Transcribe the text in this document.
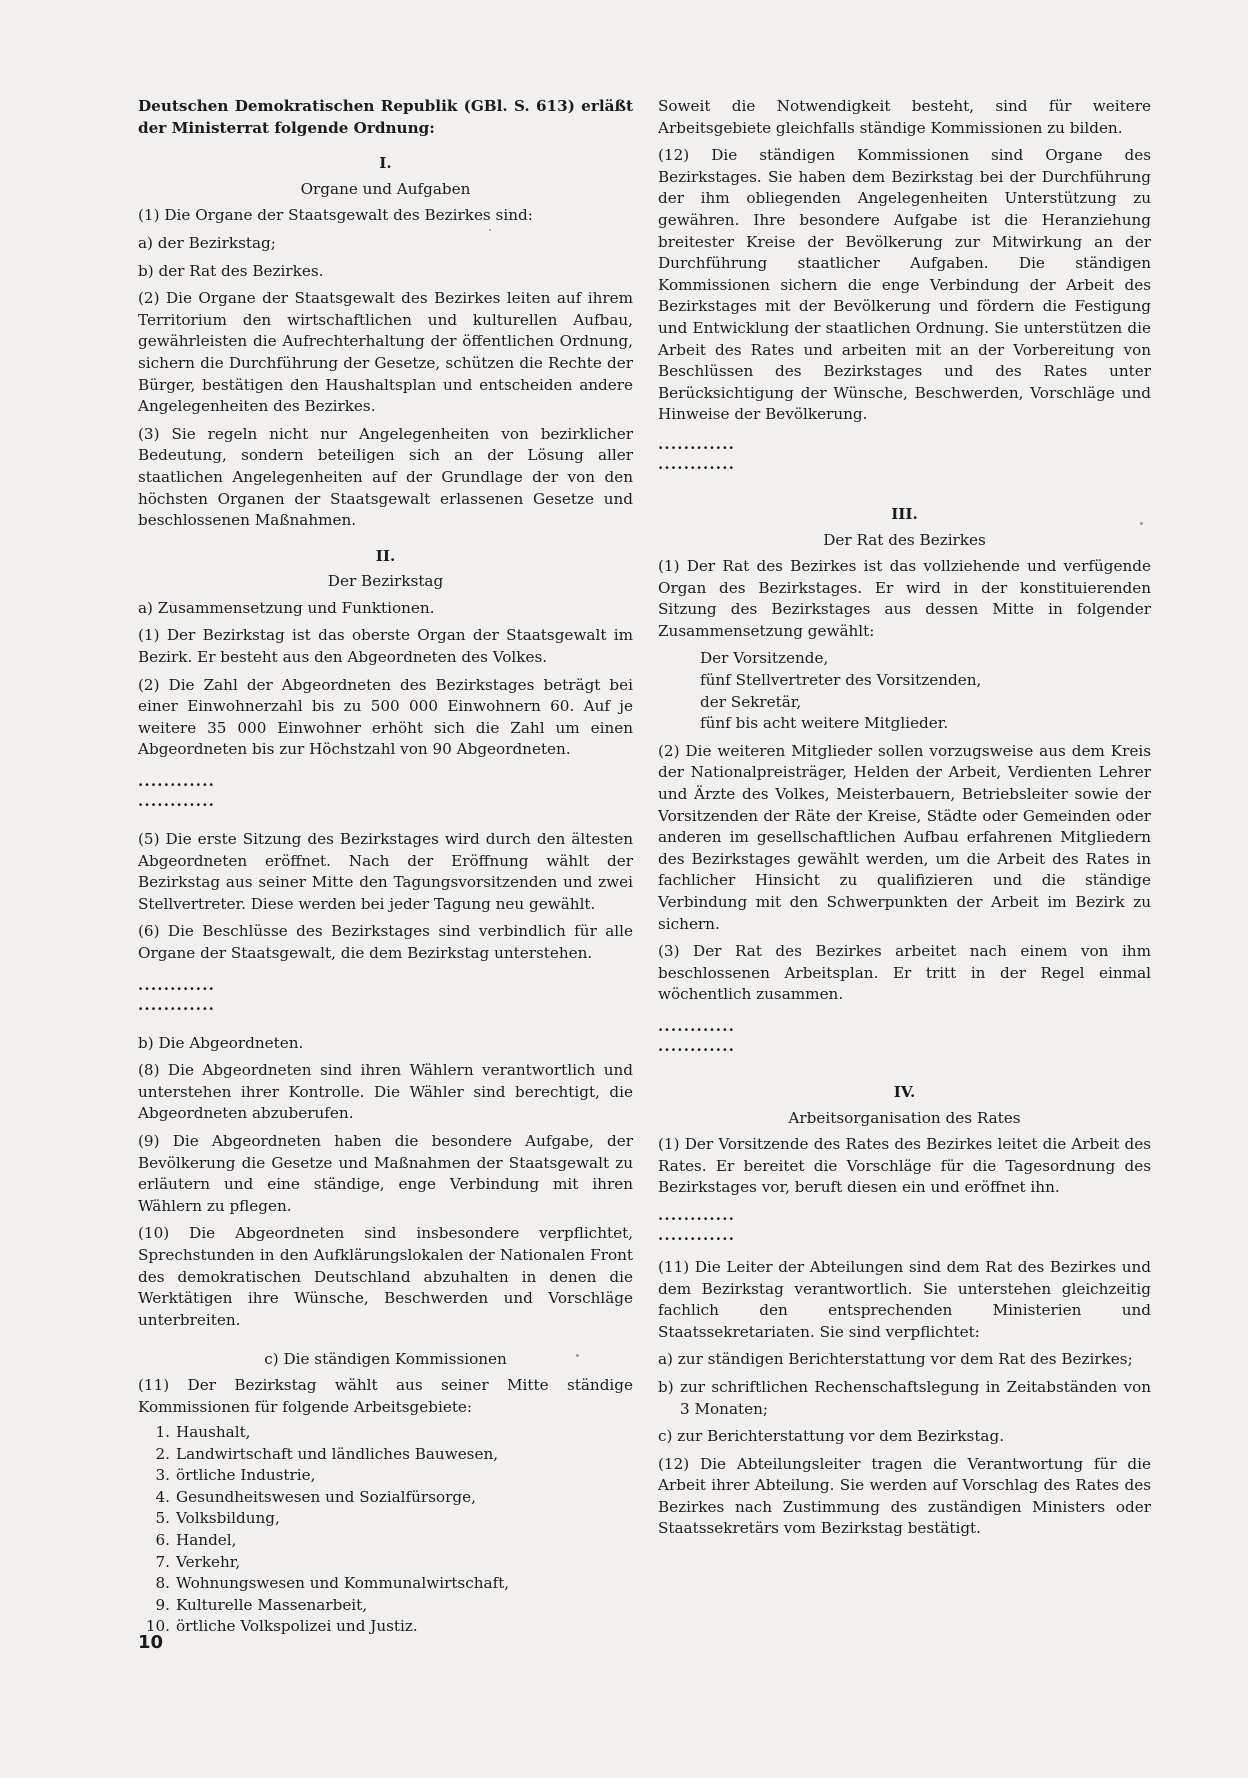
Deutschen Demokratischen Republik (GBl. S. 613) erläßt der Ministerrat folgende Ordnung:

I.
Organe und Aufgaben

(1) Die Organe der Staatsgewalt des Bezirkes sind:

a) der Bezirkstag;

b) der Rat des Bezirkes.

(2) Die Organe der Staatsgewalt des Bezirkes leiten auf ihrem Territorium den wirtschaftlichen und kulturellen Aufbau, gewährleisten die Aufrechterhaltung der öffentlichen Ordnung, sichern die Durchführung der Gesetze, schützen die Rechte der Bürger, bestätigen den Haushaltsplan und entscheiden andere Angelegenheiten des Bezirkes.

(3) Sie regeln nicht nur Angelegenheiten von bezirklicher Bedeutung, sondern beteiligen sich an der Lösung aller staatlichen Angelegenheiten auf der Grundlage der von den höchsten Organen der Staatsgewalt erlassenen Gesetze und beschlossenen Maßnahmen.

II.
Der Bezirkstag

a) Zusammensetzung und Funktionen.

(1) Der Bezirkstag ist das oberste Organ der Staatsgewalt im Bezirk. Er besteht aus den Abgeordneten des Volkes.

(2) Die Zahl der Abgeordneten des Bezirkstages beträgt bei einer Einwohnerzahl bis zu 500 000 Einwohnern 60. Auf je weitere 35 000 Einwohner erhöht sich die Zahl um einen Abgeordneten bis zur Höchstzahl von 90 Abgeordneten.

............
............

(5) Die erste Sitzung des Bezirkstages wird durch den ältesten Abgeordneten eröffnet. Nach der Eröffnung wählt der Bezirkstag aus seiner Mitte den Tagungsvorsitzenden und zwei Stellvertreter. Diese werden bei jeder Tagung neu gewählt.

(6) Die Beschlüsse des Bezirkstages sind verbindlich für alle Organe der Staatsgewalt, die dem Bezirkstag unterstehen.

............
............

b) Die Abgeordneten.

(8) Die Abgeordneten sind ihren Wählern verantwortlich und unterstehen ihrer Kontrolle. Die Wähler sind berechtigt, die Abgeordneten abzuberufen.

(9) Die Abgeordneten haben die besondere Aufgabe, der Bevölkerung die Gesetze und Maßnahmen der Staatsgewalt zu erläutern und eine ständige, enge Verbindung mit ihren Wählern zu pflegen.

(10) Die Abgeordneten sind insbesondere verpflichtet, Sprechstunden in den Aufklärungslokalen der Nationalen Front des demokratischen Deutschland abzuhalten in denen die Werktätigen ihre Wünsche, Beschwerden und Vorschläge unterbreiten.

c) Die ständigen Kommissionen

(11) Der Bezirkstag wählt aus seiner Mitte ständige Kommissionen für folgende Arbeitsgebiete:

1. Haushalt,
2. Landwirtschaft und ländliches Bauwesen,
3. örtliche Industrie,
4. Gesundheitswesen und Sozialfürsorge,
5. Volksbildung,
6. Handel,
7. Verkehr,
8. Wohnungswesen und Kommunalwirtschaft,
9. Kulturelle Massenarbeit,
10. örtliche Volkspolizei und Justiz.

Soweit die Notwendigkeit besteht, sind für weitere Arbeitsgebiete gleichfalls ständige Kommissionen zu bilden.

(12) Die ständigen Kommissionen sind Organe des Bezirkstages. Sie haben dem Bezirkstag bei der Durchführung der ihm obliegenden Angelegenheiten Unterstützung zu gewähren. Ihre besondere Aufgabe ist die Heranziehung breitester Kreise der Bevölkerung zur Mitwirkung an der Durchführung staatlicher Aufgaben. Die ständigen Kommissionen sichern die enge Verbindung der Arbeit des Bezirkstages mit der Bevölkerung und fördern die Festigung und Entwicklung der staatlichen Ordnung. Sie unterstützen die Arbeit des Rates und arbeiten mit an der Vorbereitung von Beschlüssen des Bezirkstages und des Rates unter Berücksichtigung der Wünsche, Beschwerden, Vorschläge und Hinweise der Bevölkerung.

............
............
III.
Der Rat des Bezirkes

(1) Der Rat des Bezirkes ist das vollziehende und verfügende Organ des Bezirkstages. Er wird in der konstituierenden Sitzung des Bezirkstages aus dessen Mitte in folgender Zusammensetzung gewählt:

Der Vorsitzende,
fünf Stellvertreter des Vorsitzenden,
der Sekretär,
fünf bis acht weitere Mitglieder.

(2) Die weiteren Mitglieder sollen vorzugsweise aus dem Kreis der Nationalpreisträger, Helden der Arbeit, Verdienten Lehrer und Ärzte des Volkes, Meisterbauern, Betriebsleiter sowie der Vorsitzenden der Räte der Kreise, Städte oder Gemeinden oder anderen im gesellschaftlichen Aufbau erfahrenen Mitgliedern des Bezirkstages gewählt werden, um die Arbeit des Rates in fachlicher Hinsicht zu qualifizieren und die ständige Verbindung mit den Schwerpunkten der Arbeit im Bezirk zu sichern.

(3) Der Rat des Bezirkes arbeitet nach einem von ihm beschlossenen Arbeitsplan. Er tritt in der Regel einmal wöchentlich zusammen.

............
............
IV.
Arbeitsorganisation des Rates

(1) Der Vorsitzende des Rates des Bezirkes leitet die Arbeit des Rates. Er bereitet die Vorschläge für die Tagesordnung des Bezirkstages vor, beruft diesen ein und eröffnet ihn.

............
............

(11) Die Leiter der Abteilungen sind dem Rat des Bezirkes und dem Bezirkstag verantwortlich. Sie unterstehen gleichzeitig fachlich den entsprechenden Ministerien und Staatssekretariaten. Sie sind verpflichtet:

a) zur ständigen Berichterstattung vor dem Rat des Bezirkes;

b) zur schriftlichen Rechenschaftslegung in Zeitabständen von 3 Monaten;

c) zur Berichterstattung vor dem Bezirkstag.

(12) Die Abteilungsleiter tragen die Verantwortung für die Arbeit ihrer Abteilung. Sie werden auf Vorschlag des Rates des Bezirkes nach Zustimmung des zuständigen Ministers oder Staatssekretärs vom Bezirkstag bestätigt.

10
